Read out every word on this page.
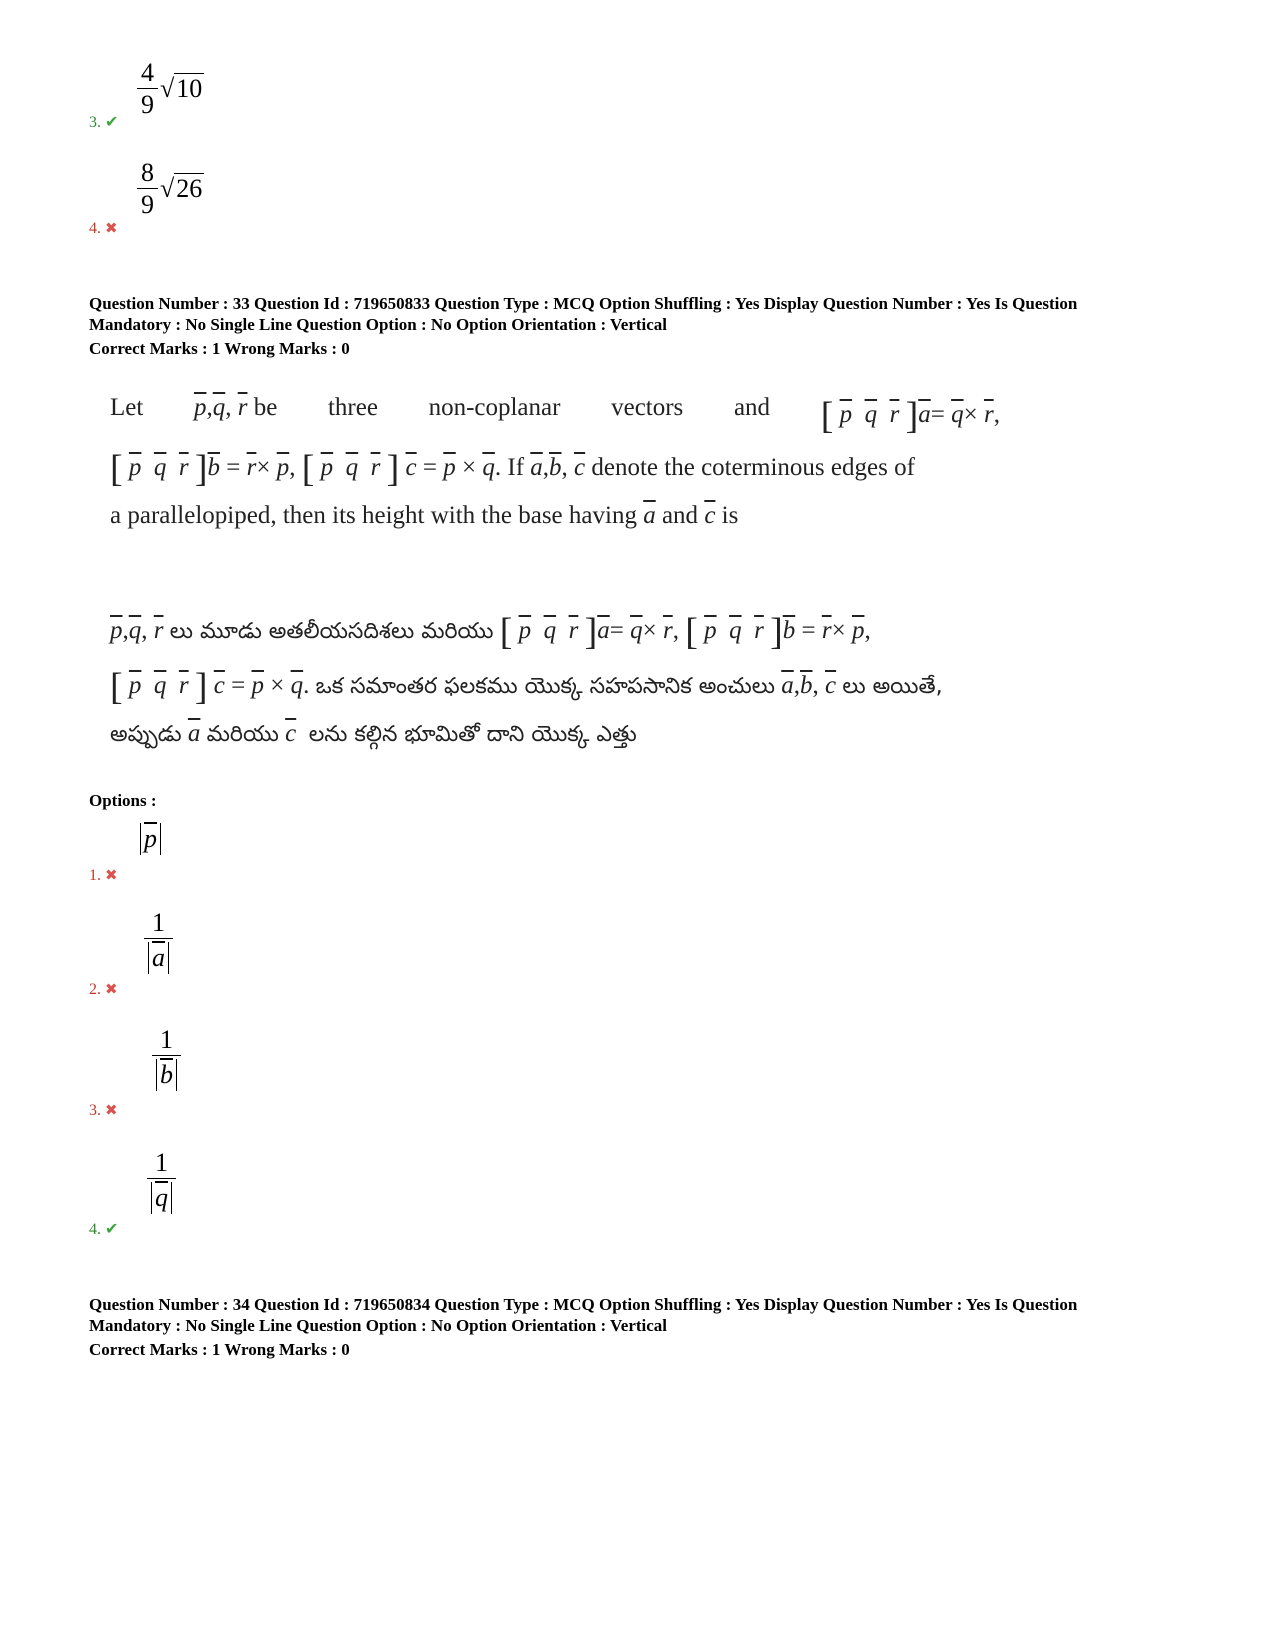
$\frac{4}{9} √10$
3. ✔
$\frac{8}{9} √26$
4. ✖
Question Number : 33 Question Id : 719650833 Question Type : MCQ Option Shuffling : Yes Display Question Number : Yes Is Question
Mandatory : No Single Line Question Option : No Option Orientation : Vertical
Correct Marks : 1 Wrong Marks : 0
Let $\overline{p},\overline{q}$, $\overline{r}$ be three non-coplanar vectors and [ $\overline{p}$ $\overline{q}$ $\overline{r}$ ]$\overline{a}= \overline{q}\times \overline{r}$,
[ $\overline{p}$ $\overline{q}$ $\overline{r}$ ]$\overline{b} = \overline{r}\times \overline{p}$, [ $\overline{p}$ $\overline{q}$ $\overline{r}$ ] $\overline{c} = \overline{p} \times \overline{q}$. If $\overline{a},\overline{b}$, $\overline{c}$ denote the coterminous edges of
a parallelopiped, then its height with the base having $\overline{a}$ and $\overline{c}$ is
$\overline{p},\overline{q}$, $\overline{r}$ లు మూడు అతలీయసదిశలు మరియు [ $\overline{p}$ $\overline{q}$ $\overline{r}$ ]$\overline{a}= \overline{q}\times \overline{r}$, [ $\overline{p}$ $\overline{q}$ $\overline{r}$ ]$\overline{b} = \overline{r}\times \overline{p}$,
[ $\overline{p}$ $\overline{q}$ $\overline{r}$ ] $\overline{c} = \overline{p} \times \overline{q}$. ఒక సమాంతర ఫలకము యొక్క సహపసానిక అంచులు $\overline{a},\overline{b}$, $\overline{c}$ లు అయితే,
అప్పుడు $\overline{a}$ మరియు $\overline{c}$ లను కల్గిన భూమితో దాని యొక్క ఎత్తు
Options :
$\overline{p}$
1. ✖
$\frac{1}{a}$
2. ✖
$\frac{1}{b}$
3. ✖
$\frac{1}{q}$
4. ✔
Question Number : 34 Question Id : 719650834 Question Type : MCQ Option Shuffling : Yes Display Question Number : Yes Is Question
Mandatory : No Single Line Question Option : No Option Orientation : Vertical
Correct Marks : 1 Wrong Marks : 0
